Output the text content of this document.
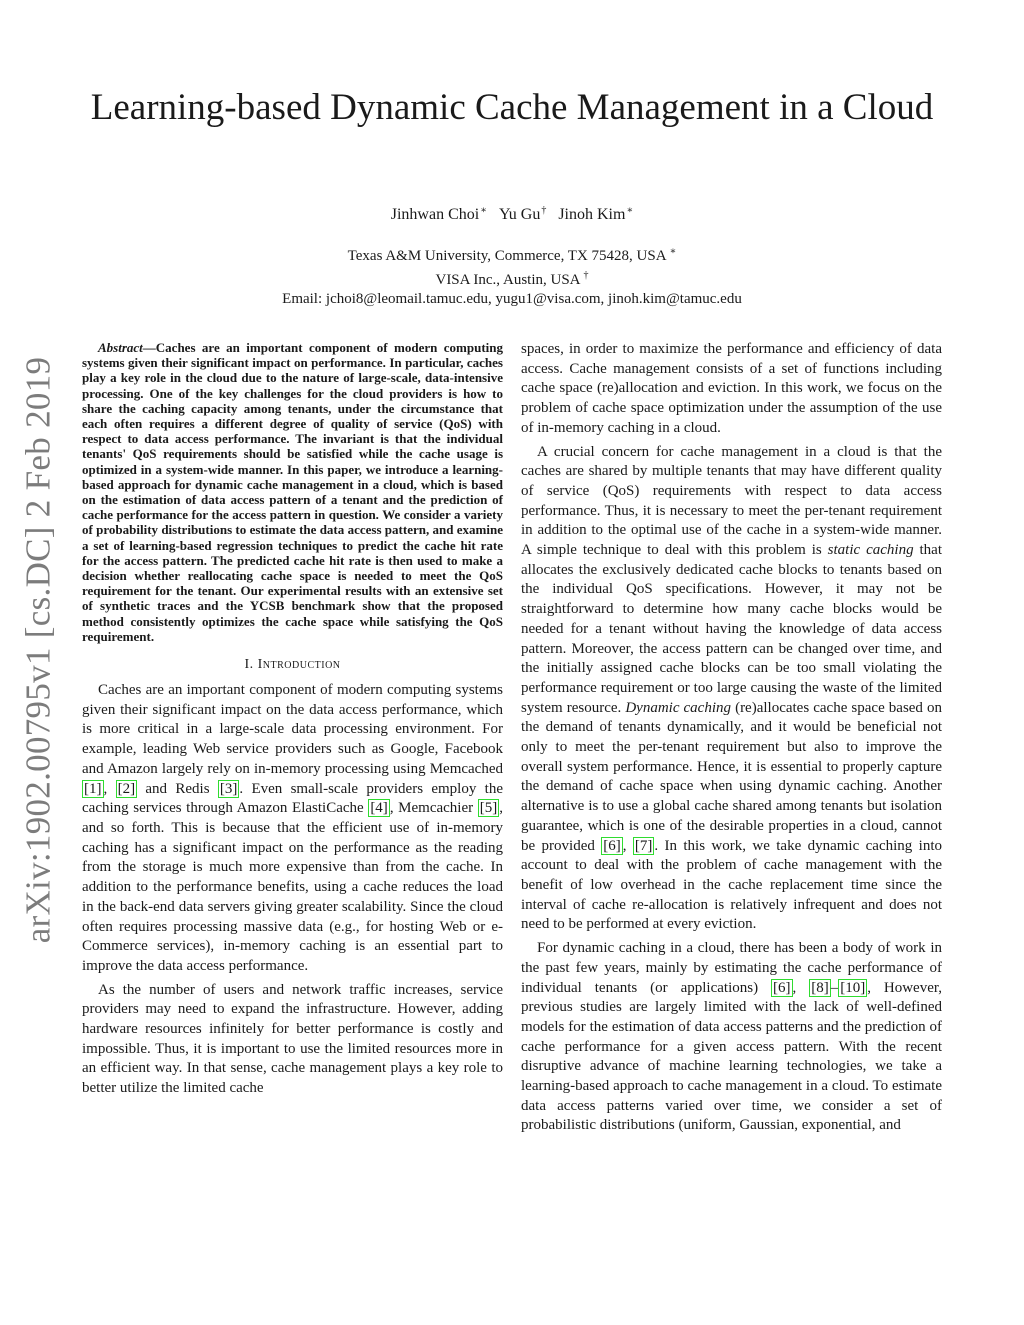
Learning-based Dynamic Cache Management in a Cloud
Jinhwan Choi∗ Yu Gu† Jinoh Kim∗
Texas A&M University, Commerce, TX 75428, USA ∗
VISA Inc., Austin, USA †
Email: jchoi8@leomail.tamuc.edu, yugu1@visa.com, jinoh.kim@tamuc.edu
arXiv:1902.00795v1 [cs.DC] 2 Feb 2019

Abstract—Caches are an important component of modern computing systems given their significant impact on performance. In particular, caches play a key role in the cloud due to the nature of large-scale, data-intensive processing. One of the key challenges for the cloud providers is how to share the caching capacity among tenants, under the circumstance that each often requires a different degree of quality of service (QoS) with respect to data access performance. The invariant is that the individual tenants' QoS requirements should be satisfied while the cache usage is optimized in a system-wide manner. In this paper, we introduce a learning-based approach for dynamic cache management in a cloud, which is based on the estimation of data access pattern of a tenant and the prediction of cache performance for the access pattern in question. We consider a variety of probability distributions to estimate the data access pattern, and examine a set of learning-based regression techniques to predict the cache hit rate for the access pattern. The predicted cache hit rate is then used to make a decision whether reallocating cache space is needed to meet the QoS requirement for the tenant. Our experimental results with an extensive set of synthetic traces and the YCSB benchmark show that the proposed method consistently optimizes the cache space while satisfying the QoS requirement.

I. Introduction

Caches are an important component of modern computing systems given their significant impact on the data access performance, which is more critical in a large-scale data processing environment. For example, leading Web service providers such as Google, Facebook and Amazon largely rely on in-memory processing using Memcached [1] , [2] and Redis [3] . Even small-scale providers employ the caching services through Amazon ElastiCache [4] , Memcachier [5] , and so forth. This is because that the efficient use of in-memory caching has a significant impact on the performance as the reading from the storage is much more expensive than from the cache. In addition to the performance benefits, using a cache reduces the load in the back-end data servers giving greater scalability. Since the cloud often requires processing massive data (e.g., for hosting Web or e-Commerce services), in-memory caching is an essential part to improve the data access performance.

As the number of users and network traffic increases, service providers may need to expand the infrastructure. However, adding hardware resources infinitely for better performance is costly and impossible. Thus, it is important to use the limited resources more in an efficient way. In that sense, cache management plays a key role to better utilize the limited cache

spaces, in order to maximize the performance and efficiency of data access. Cache management consists of a set of functions including cache space (re)allocation and eviction. In this work, we focus on the problem of cache space optimization under the assumption of the use of in-memory caching in a cloud.

A crucial concern for cache management in a cloud is that the caches are shared by multiple tenants that may have different quality of service (QoS) requirements with respect to data access performance. Thus, it is necessary to meet the per-tenant requirement in addition to the optimal use of the cache in a system-wide manner. A simple technique to deal with this problem is static caching that allocates the exclusively dedicated cache blocks to tenants based on the individual QoS specifications. However, it may not be straightforward to determine how many cache blocks would be needed for a tenant without having the knowledge of data access pattern. Moreover, the access pattern can be changed over time, and the initially assigned cache blocks can be too small violating the performance requirement or too large causing the waste of the limited system resource. Dynamic caching (re)allocates cache space based on the demand of tenants dynamically, and it would be beneficial not only to meet the per-tenant requirement but also to improve the overall system performance. Hence, it is essential to properly capture the demand of cache space when using dynamic caching. Another alternative is to use a global cache shared among tenants but isolation guarantee, which is one of the desirable properties in a cloud, cannot be provided [6] , [7] . In this work, we take dynamic caching into account to deal with the problem of cache management with the benefit of low overhead in the cache replacement time since the interval of cache re-allocation is relatively infrequent and does not need to be performed at every eviction.

For dynamic caching in a cloud, there has been a body of work in the past few years, mainly by estimating the cache performance of individual tenants (or applications) [6] , [8] – [10] , However, previous studies are largely limited with the lack of well-defined models for the estimation of data access patterns and the prediction of cache performance for a given access pattern. With the recent disruptive advance of machine learning technologies, we take a learning-based approach to cache management in a cloud. To estimate data access patterns varied over time, we consider a set of probabilistic distributions (uniform, Gaussian, exponential, and
